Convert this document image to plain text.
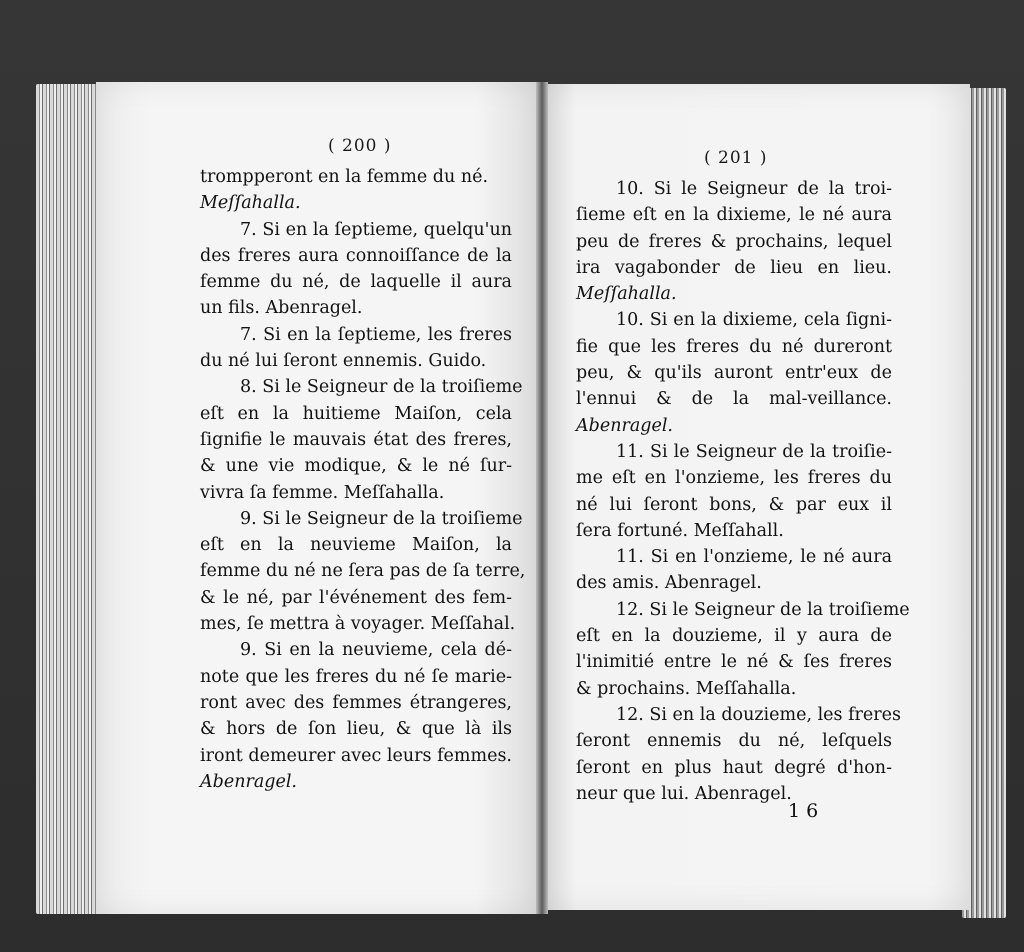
( 200 )
( 201 )
trompperont en la femme du né.
Meſſahalla.
7. Si en la ſeptieme, quelqu'un
des freres aura connoiſſance de la
femme du né, de laquelle il aura
un fils. Abenragel.
7. Si en la ſeptieme, les freres
du né lui ſeront ennemis. Guido.
8. Si le Seigneur de la troiſieme
eſt en la huitieme Maiſon, cela
ſignifie le mauvais état des freres,
& une vie modique, & le né ſur-
vivra ſa femme. Meſſahalla.
9. Si le Seigneur de la troiſieme
eſt en la neuvieme Maiſon, la
femme du né ne ſera pas de ſa terre,
& le né, par l'événement des fem-
mes, ſe mettra à voyager. Meſſahal.
9. Si en la neuvieme, cela dé-
note que les freres du né ſe marie-
ront avec des femmes étrangeres,
& hors de ſon lieu, & que là ils
iront demeurer avec leurs femmes.
Abenragel.
10. Si le Seigneur de la troi-
ſieme eſt en la dixieme, le né aura
peu de freres & prochains, lequel
ira vagabonder de lieu en lieu.
Meſſahalla.
10. Si en la dixieme, cela ſigni-
fie que les freres du né dureront
peu, & qu'ils auront entr'eux de
l'ennui & de la mal-veillance.
Abenragel.
11. Si le Seigneur de la troiſie-
me eſt en l'onzieme, les freres du
né lui ſeront bons, & par eux il
ſera fortuné. Meſſahall.
11. Si en l'onzieme, le né aura
des amis. Abenragel.
12. Si le Seigneur de la troiſieme
eſt en la douzieme, il y aura de
l'inimitié entre le né & ſes freres
& prochains. Meſſahalla.
12. Si en la douzieme, les freres
ſeront ennemis du né, leſquels
ſeront en plus haut degré d'hon-
neur que lui. Abenragel.
16
